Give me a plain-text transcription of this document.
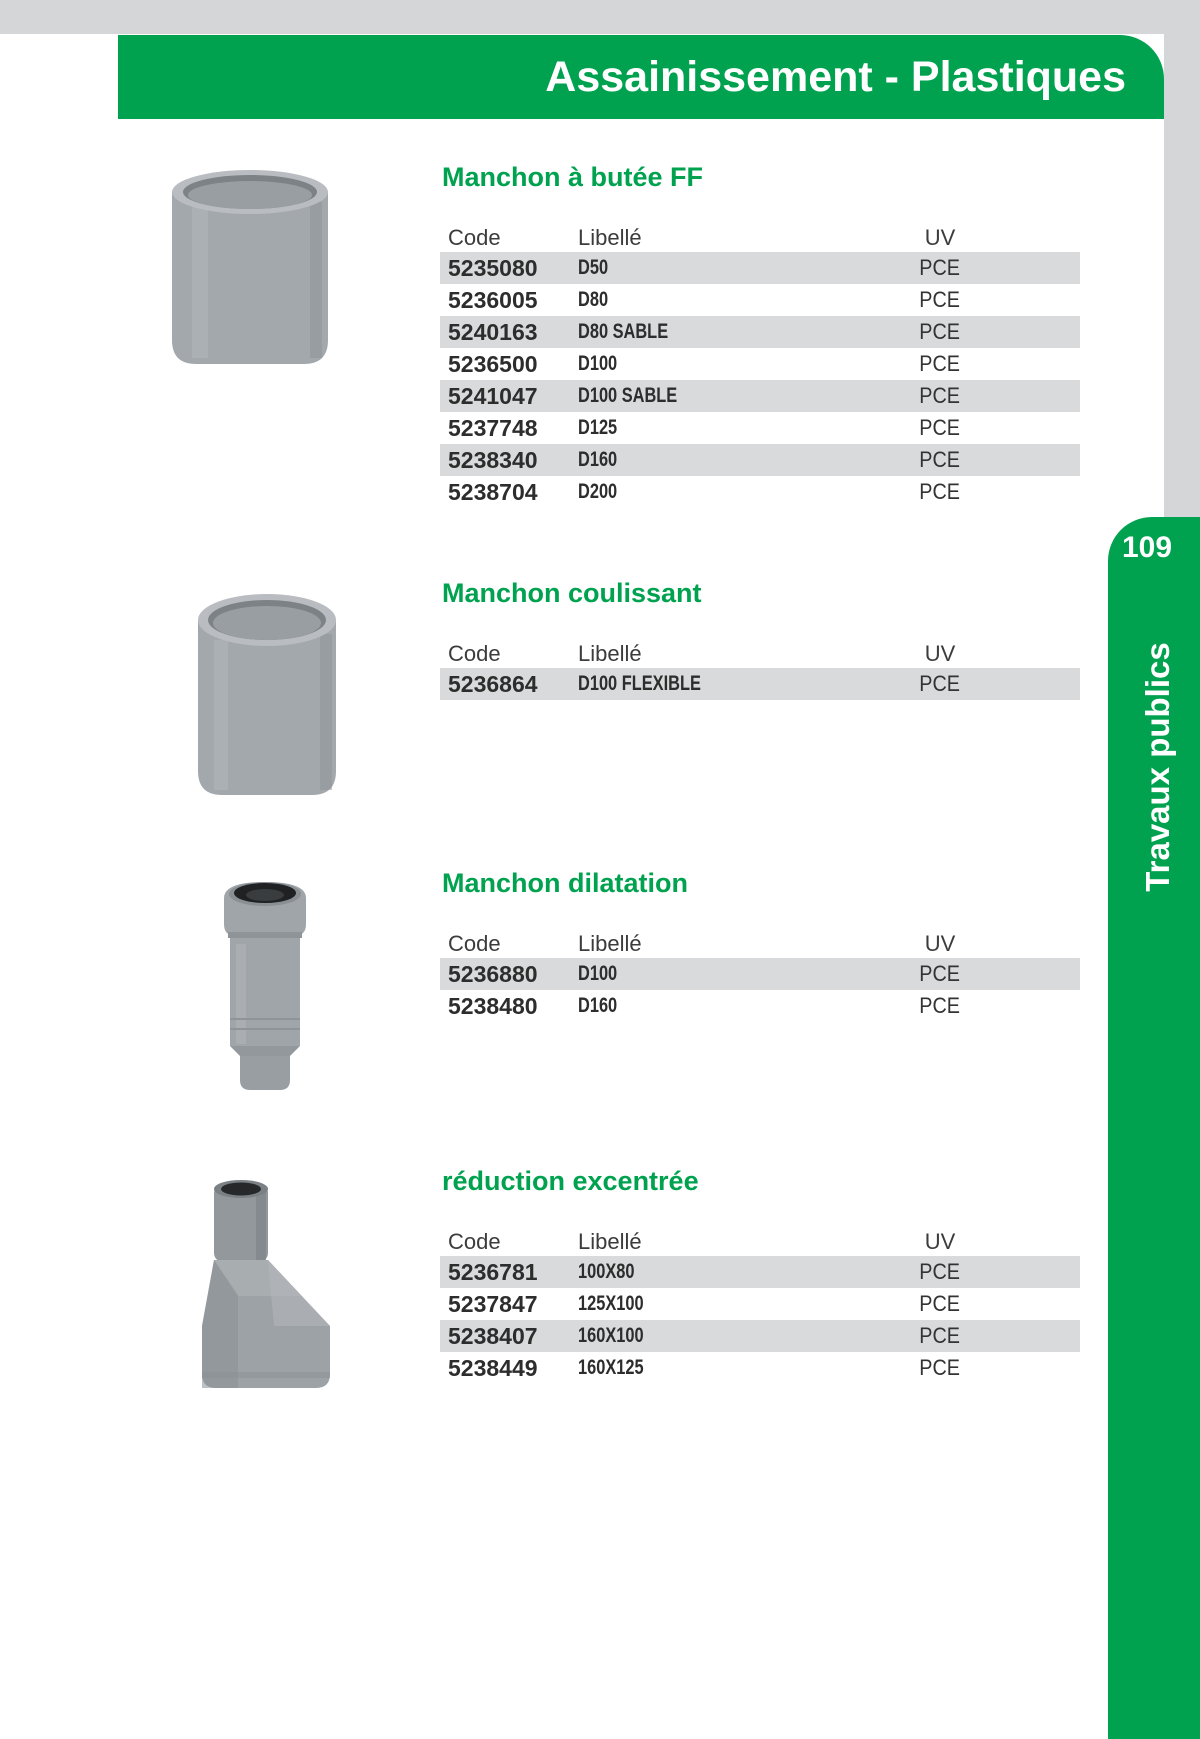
Assainissement - Plastiques
109
Travaux publics
Manchon à butée FF
Code	Libellé	UV
5235080 D50	PCE
5236005 D80	PCE
5240163 D80 SABLE	PCE
5236500 D100	PCE
5241047 D100 SABLE	PCE
5237748 D125	PCE
5238340 D160	PCE
5238704 D200	PCE
Manchon coulissant
Code	Libellé	UV
5236864 D100 FLEXIBLE	PCE
Manchon dilatation
Code	Libellé	UV
5236880 D100	PCE
5238480 D160	PCE
réduction excentrée
Code	Libellé	UV
5236781 100X80	PCE
5237847 125X100	PCE
5238407 160X100	PCE
5238449 160X125	PCE
